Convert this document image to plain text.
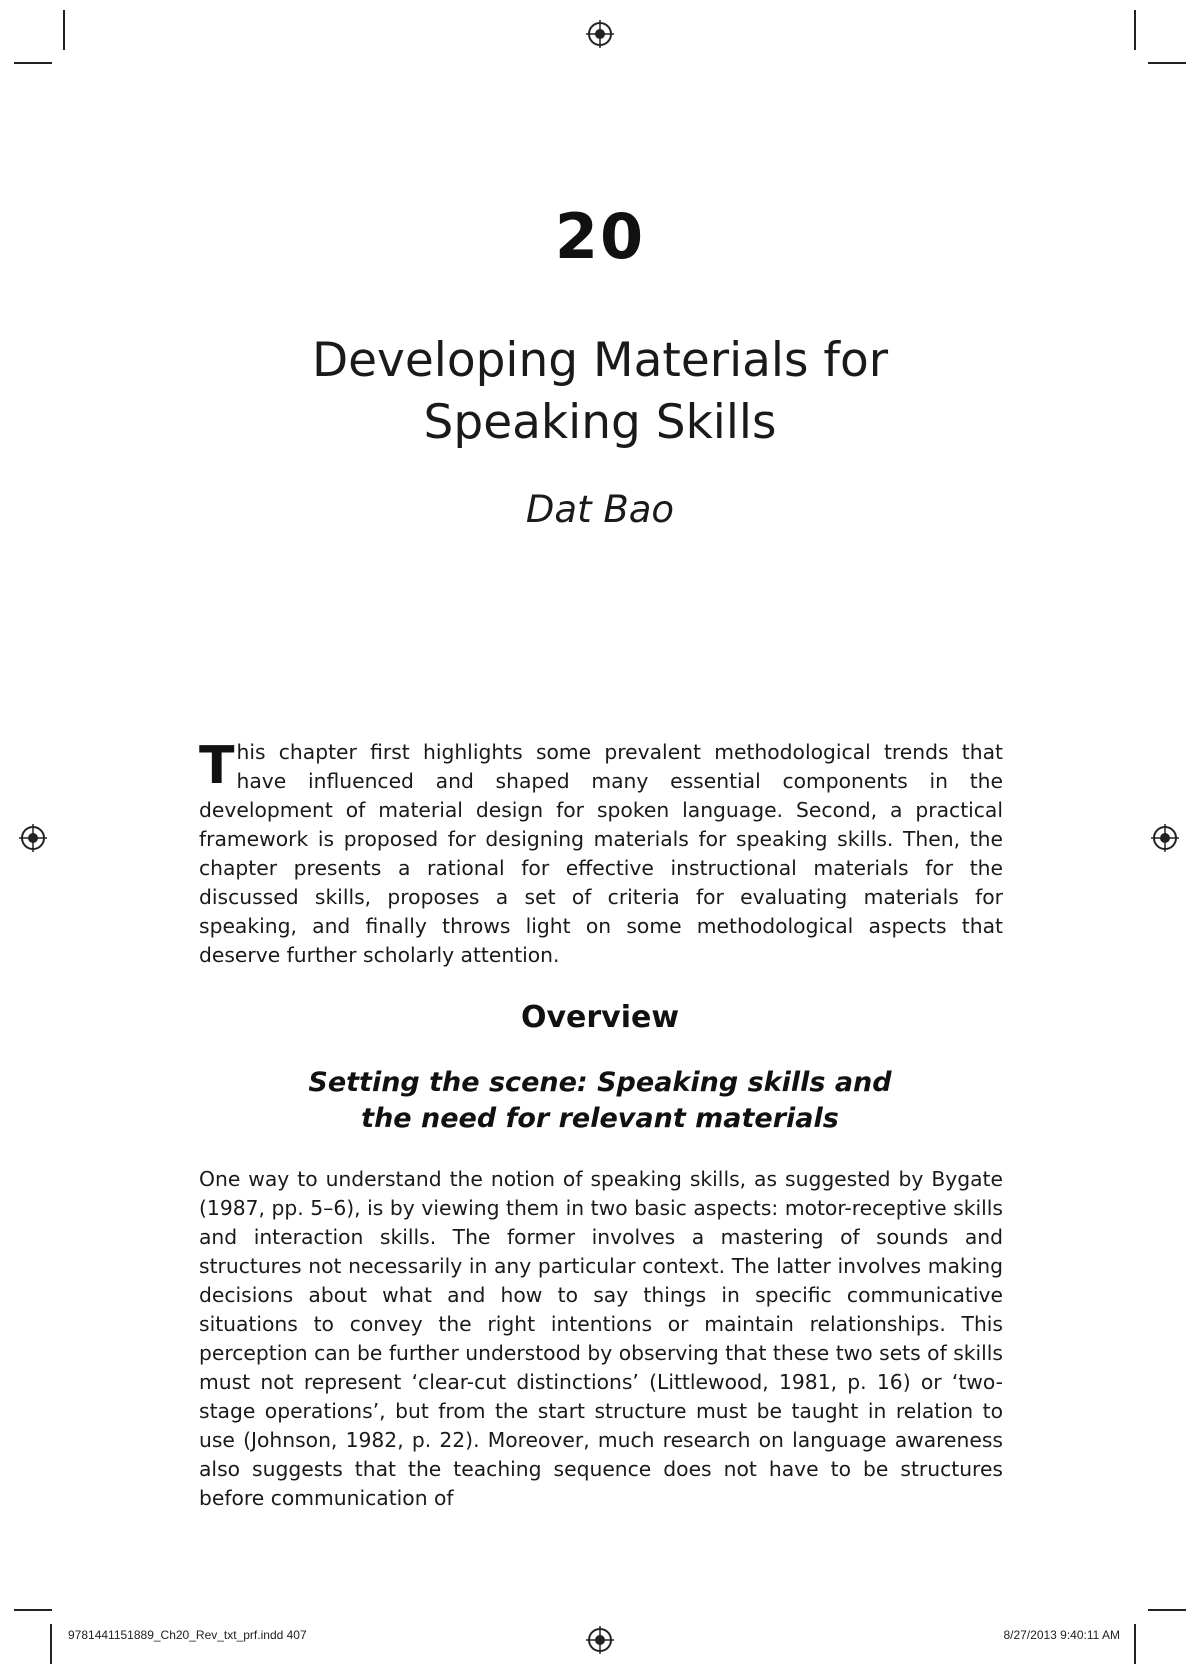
20
Developing Materials for
Speaking Skills
Dat Bao

This chapter first highlights some prevalent methodological trends that have influenced and shaped many essential components in the development of material design for spoken language. Second, a practical framework is proposed for designing materials for speaking skills. Then, the chapter presents a rational for effective instructional materials for the discussed skills, proposes a set of criteria for evaluating materials for speaking, and finally throws light on some methodological aspects that deserve further scholarly attention.

Overview
Setting the scene: Speaking skills and
the need for relevant materials

One way to understand the notion of speaking skills, as suggested by Bygate (1987, pp. 5–6), is by viewing them in two basic aspects: motor-receptive skills and interaction skills. The former involves a mastering of sounds and structures not necessarily in any particular context. The latter involves making decisions about what and how to say things in specific communicative situations to convey the right intentions or maintain relationships. This perception can be further understood by observing that these two sets of skills must not represent ‘clear-cut distinctions’ (Littlewood, 1981, p. 16) or ‘two-stage operations’, but from the start structure must be taught in relation to use (Johnson, 1982, p. 22). Moreover, much research on language awareness also suggests that the teaching sequence does not have to be structures before communication of

9781441151889_Ch20_Rev_txt_prf.indd 407	8/27/2013 9:40:11 AM
